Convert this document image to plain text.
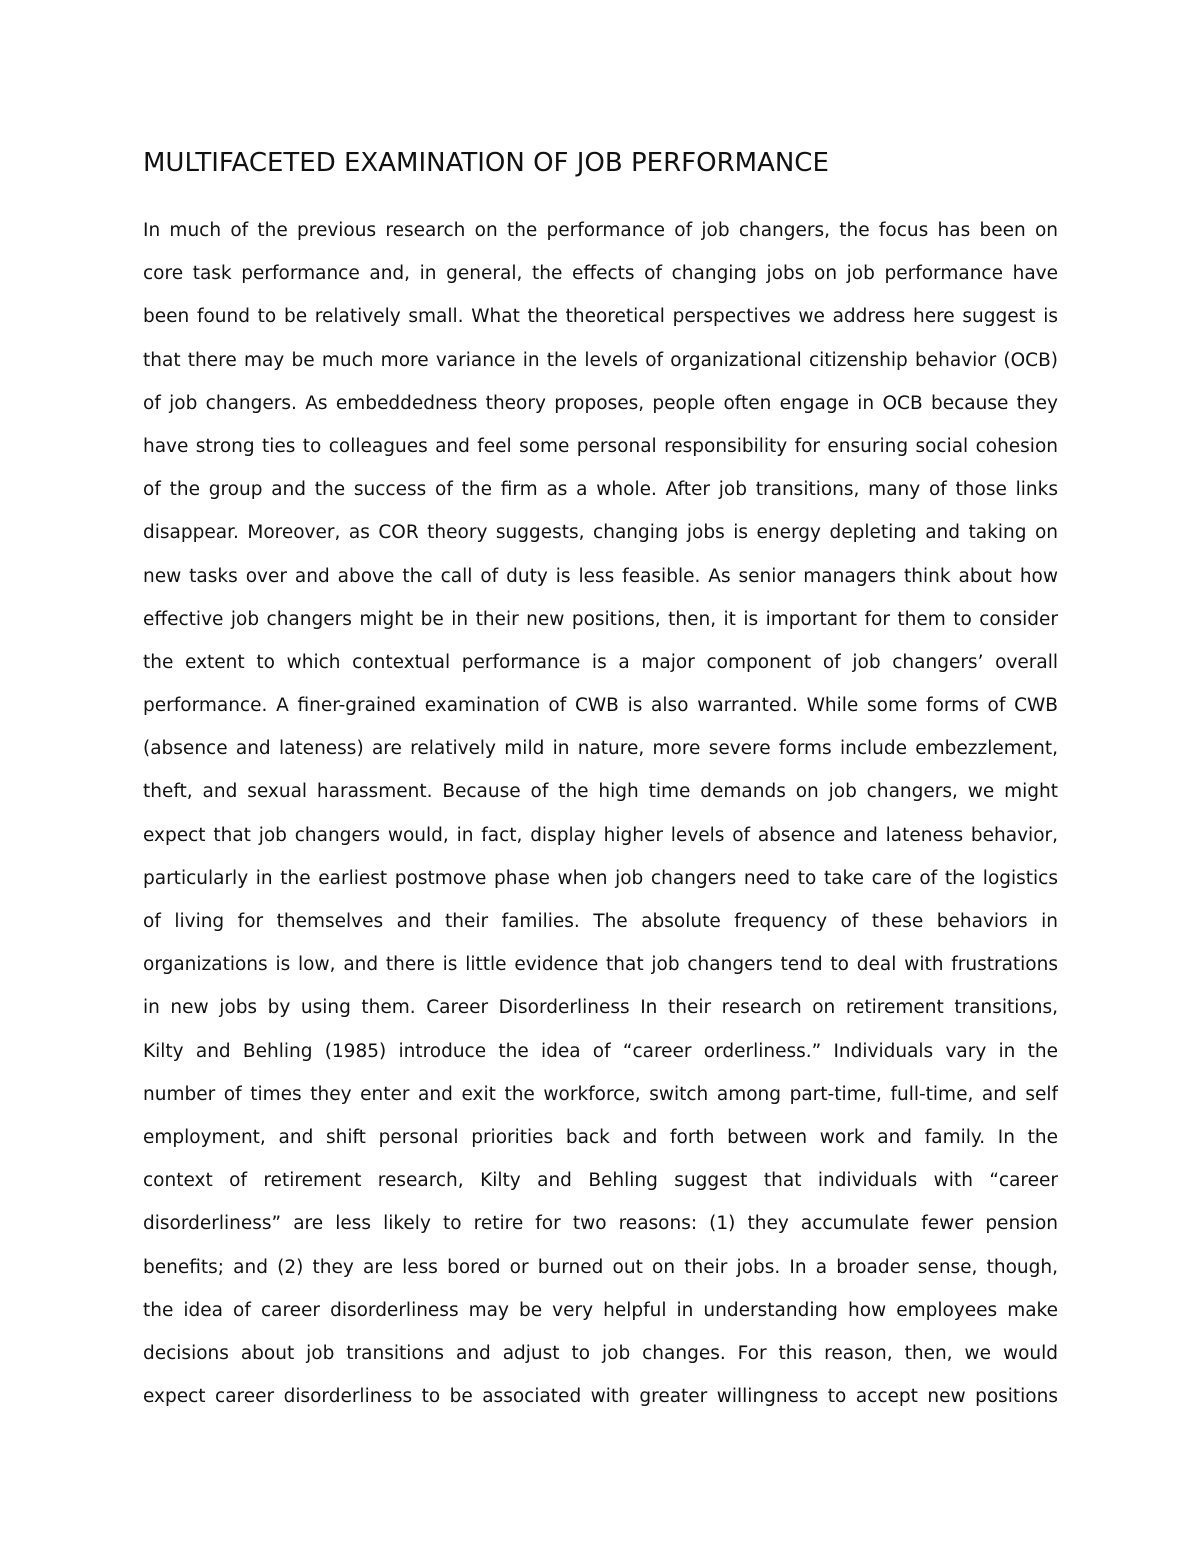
MULTIFACETED EXAMINATION OF JOB PERFORMANCE
In much of the previous research on the performance of job changers, the focus has been on
core task performance and, in general, the effects of changing jobs on job performance have
been found to be relatively small. What the theoretical perspectives we address here suggest is
that there may be much more variance in the levels of organizational citizenship behavior (OCB)
of job changers. As embeddedness theory proposes, people often engage in OCB because they
have strong ties to colleagues and feel some personal responsibility for ensuring social cohesion
of the group and the success of the firm as a whole. After job transitions, many of those links
disappear. Moreover, as COR theory suggests, changing jobs is energy depleting and taking on
new tasks over and above the call of duty is less feasible. As senior managers think about how
effective job changers might be in their new positions, then, it is important for them to consider
the extent to which contextual performance is a major component of job changers’ overall
performance. A finer-grained examination of CWB is also warranted. While some forms of CWB
(absence and lateness) are relatively mild in nature, more severe forms include embezzlement,
theft, and sexual harassment. Because of the high time demands on job changers, we might
expect that job changers would, in fact, display higher levels of absence and lateness behavior,
particularly in the earliest postmove phase when job changers need to take care of the logistics
of living for themselves and their families. The absolute frequency of these behaviors in
organizations is low, and there is little evidence that job changers tend to deal with frustrations
in new jobs by using them. Career Disorderliness In their research on retirement transitions,
Kilty and Behling (1985) introduce the idea of “career orderliness.” Individuals vary in the
number of times they enter and exit the workforce, switch among part-time, full-time, and self
employment, and shift personal priorities back and forth between work and family. In the
context of retirement research, Kilty and Behling suggest that individuals with “career
disorderliness” are less likely to retire for two reasons: (1) they accumulate fewer pension
benefits; and (2) they are less bored or burned out on their jobs. In a broader sense, though,
the idea of career disorderliness may be very helpful in understanding how employees make
decisions about job transitions and adjust to job changes. For this reason, then, we would
expect career disorderliness to be associated with greater willingness to accept new positions
